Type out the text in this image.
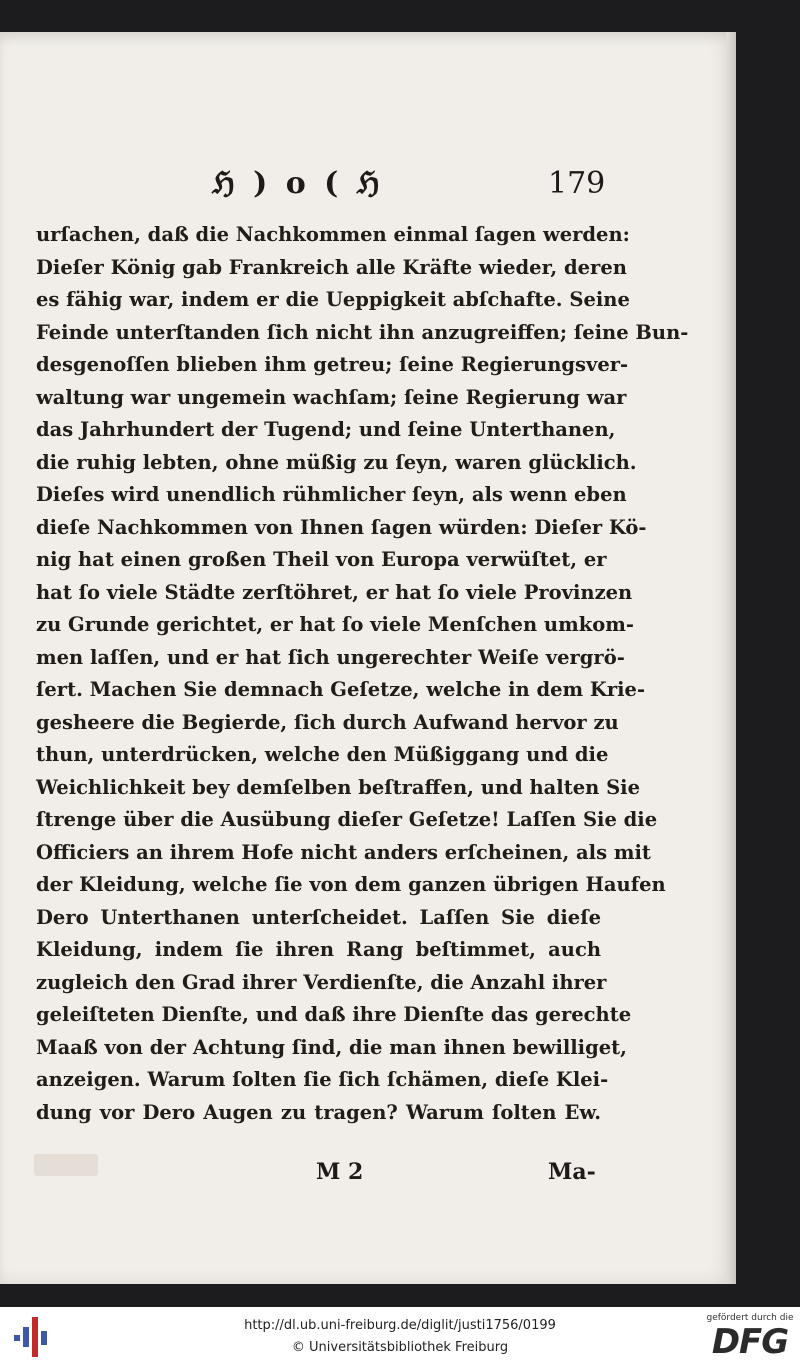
ℌ ) o ( ℌ	179
urſachen, daß die Nachkommen einmal ſagen werden:
Dieſer König gab Frankreich alle Kräfte wieder, deren
es fähig war, indem er die Ueppigkeit abſchafte. Seine
Feinde unterſtanden ſich nicht ihn anzugreiffen; ſeine Bun-
desgenoſſen blieben ihm getreu; ſeine Regierungsver-
waltung war ungemein wachſam; ſeine Regierung war
das Jahrhundert der Tugend; und ſeine Unterthanen,
die ruhig lebten, ohne müßig zu ſeyn, waren glücklich.
Dieſes wird unendlich rühmlicher ſeyn, als wenn eben
dieſe Nachkommen von Ihnen ſagen würden: Dieſer Kö-
nig hat einen großen Theil von Europa verwüſtet, er
hat ſo viele Städte zerſtöhret, er hat ſo viele Provinzen
zu Grunde gerichtet, er hat ſo viele Menſchen umkom-
men laſſen, und er hat ſich ungerechter Weiſe vergrö-
ſert. Machen Sie demnach Geſetze, welche in dem Krie-
gesheere die Begierde, ſich durch Aufwand hervor zu
thun, unterdrücken, welche den Müßiggang und die
Weichlichkeit bey demſelben beſtraffen, und halten Sie
ſtrenge über die Ausübung dieſer Geſetze! Laſſen Sie die
Officiers an ihrem Hofe nicht anders erſcheinen, als mit
der Kleidung, welche ſie von dem ganzen übrigen Haufen
Dero Unterthanen unterſcheidet. Laſſen Sie dieſe
Kleidung, indem ſie ihren Rang beſtimmet, auch
zugleich den Grad ihrer Verdienſte, die Anzahl ihrer
geleiſteten Dienſte, und daß ihre Dienſte das gerechte
Maaß von der Achtung ſind, die man ihnen bewilliget,
anzeigen. Warum ſolten ſie ſich ſchämen, dieſe Klei-
dung vor Dero Augen zu tragen? Warum ſolten Ew.
M 2	Ma-
http://dl.ub.uni-freiburg.de/diglit/justi1756/0199
© Universitätsbibliothek Freiburg
gefördert durch die
DFG
